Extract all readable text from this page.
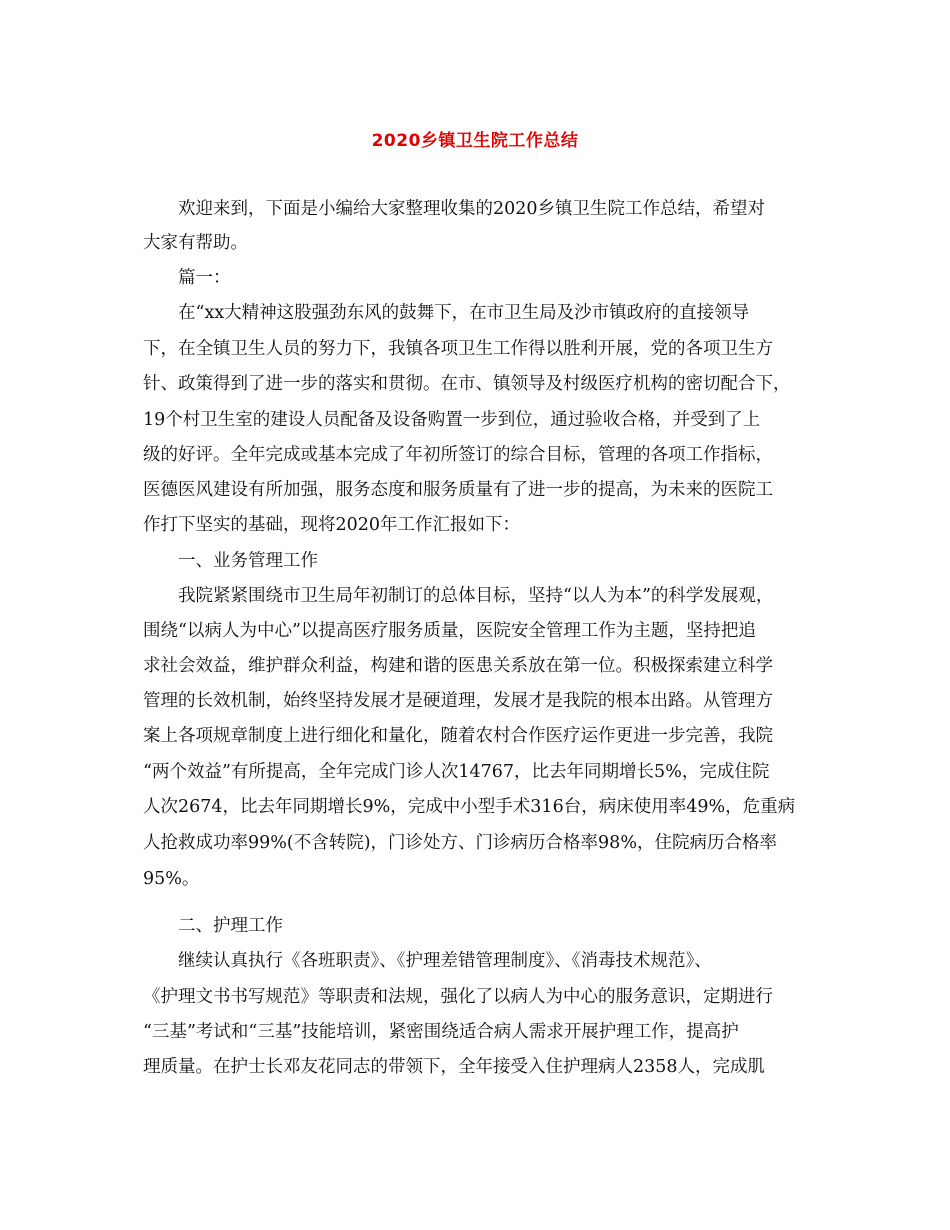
2020乡镇卫生院工作总结
欢迎来到，下面是小编给大家整理收集的2020乡镇卫生院工作总结，希望对
大家有帮助。
篇一：
在“xx大精神这股强劲东风的鼓舞下，在市卫生局及沙市镇政府的直接领导
下，在全镇卫生人员的努力下，我镇各项卫生工作得以胜利开展，党的各项卫生方
针、政策得到了进一步的落实和贯彻。在市、镇领导及村级医疗机构的密切配合下，
19个村卫生室的建设人员配备及设备购置一步到位，通过验收合格，并受到了上
级的好评。全年完成或基本完成了年初所签订的综合目标，管理的各项工作指标，
医德医风建设有所加强，服务态度和服务质量有了进一步的提高，为未来的医院工
作打下坚实的基础，现将2020年工作汇报如下：
一、业务管理工作
我院紧紧围绕市卫生局年初制订的总体目标，坚持“以人为本”的科学发展观，
围绕“以病人为中心”以提高医疗服务质量，医院安全管理工作为主题，坚持把追
求社会效益，维护群众利益，构建和谐的医患关系放在第一位。积极探索建立科学
管理的长效机制，始终坚持发展才是硬道理，发展才是我院的根本出路。从管理方
案上各项规章制度上进行细化和量化，随着农村合作医疗运作更进一步完善，我院
“两个效益”有所提高，全年完成门诊人次14767，比去年同期增长5%，完成住院
人次2674，比去年同期增长9%，完成中小型手术316台，病床使用率49%，危重病
人抢救成功率99%(不含转院)，门诊处方、门诊病历合格率98%，住院病历合格率
95%。
二、护理工作
继续认真执行《各班职责》、《护理差错管理制度》、《消毒技术规范》、
《护理文书书写规范》等职责和法规，强化了以病人为中心的服务意识，定期进行
“三基”考试和“三基”技能培训，紧密围绕适合病人需求开展护理工作，提高护
理质量。在护士长邓友花同志的带领下，全年接受入住护理病人2358人，完成肌
